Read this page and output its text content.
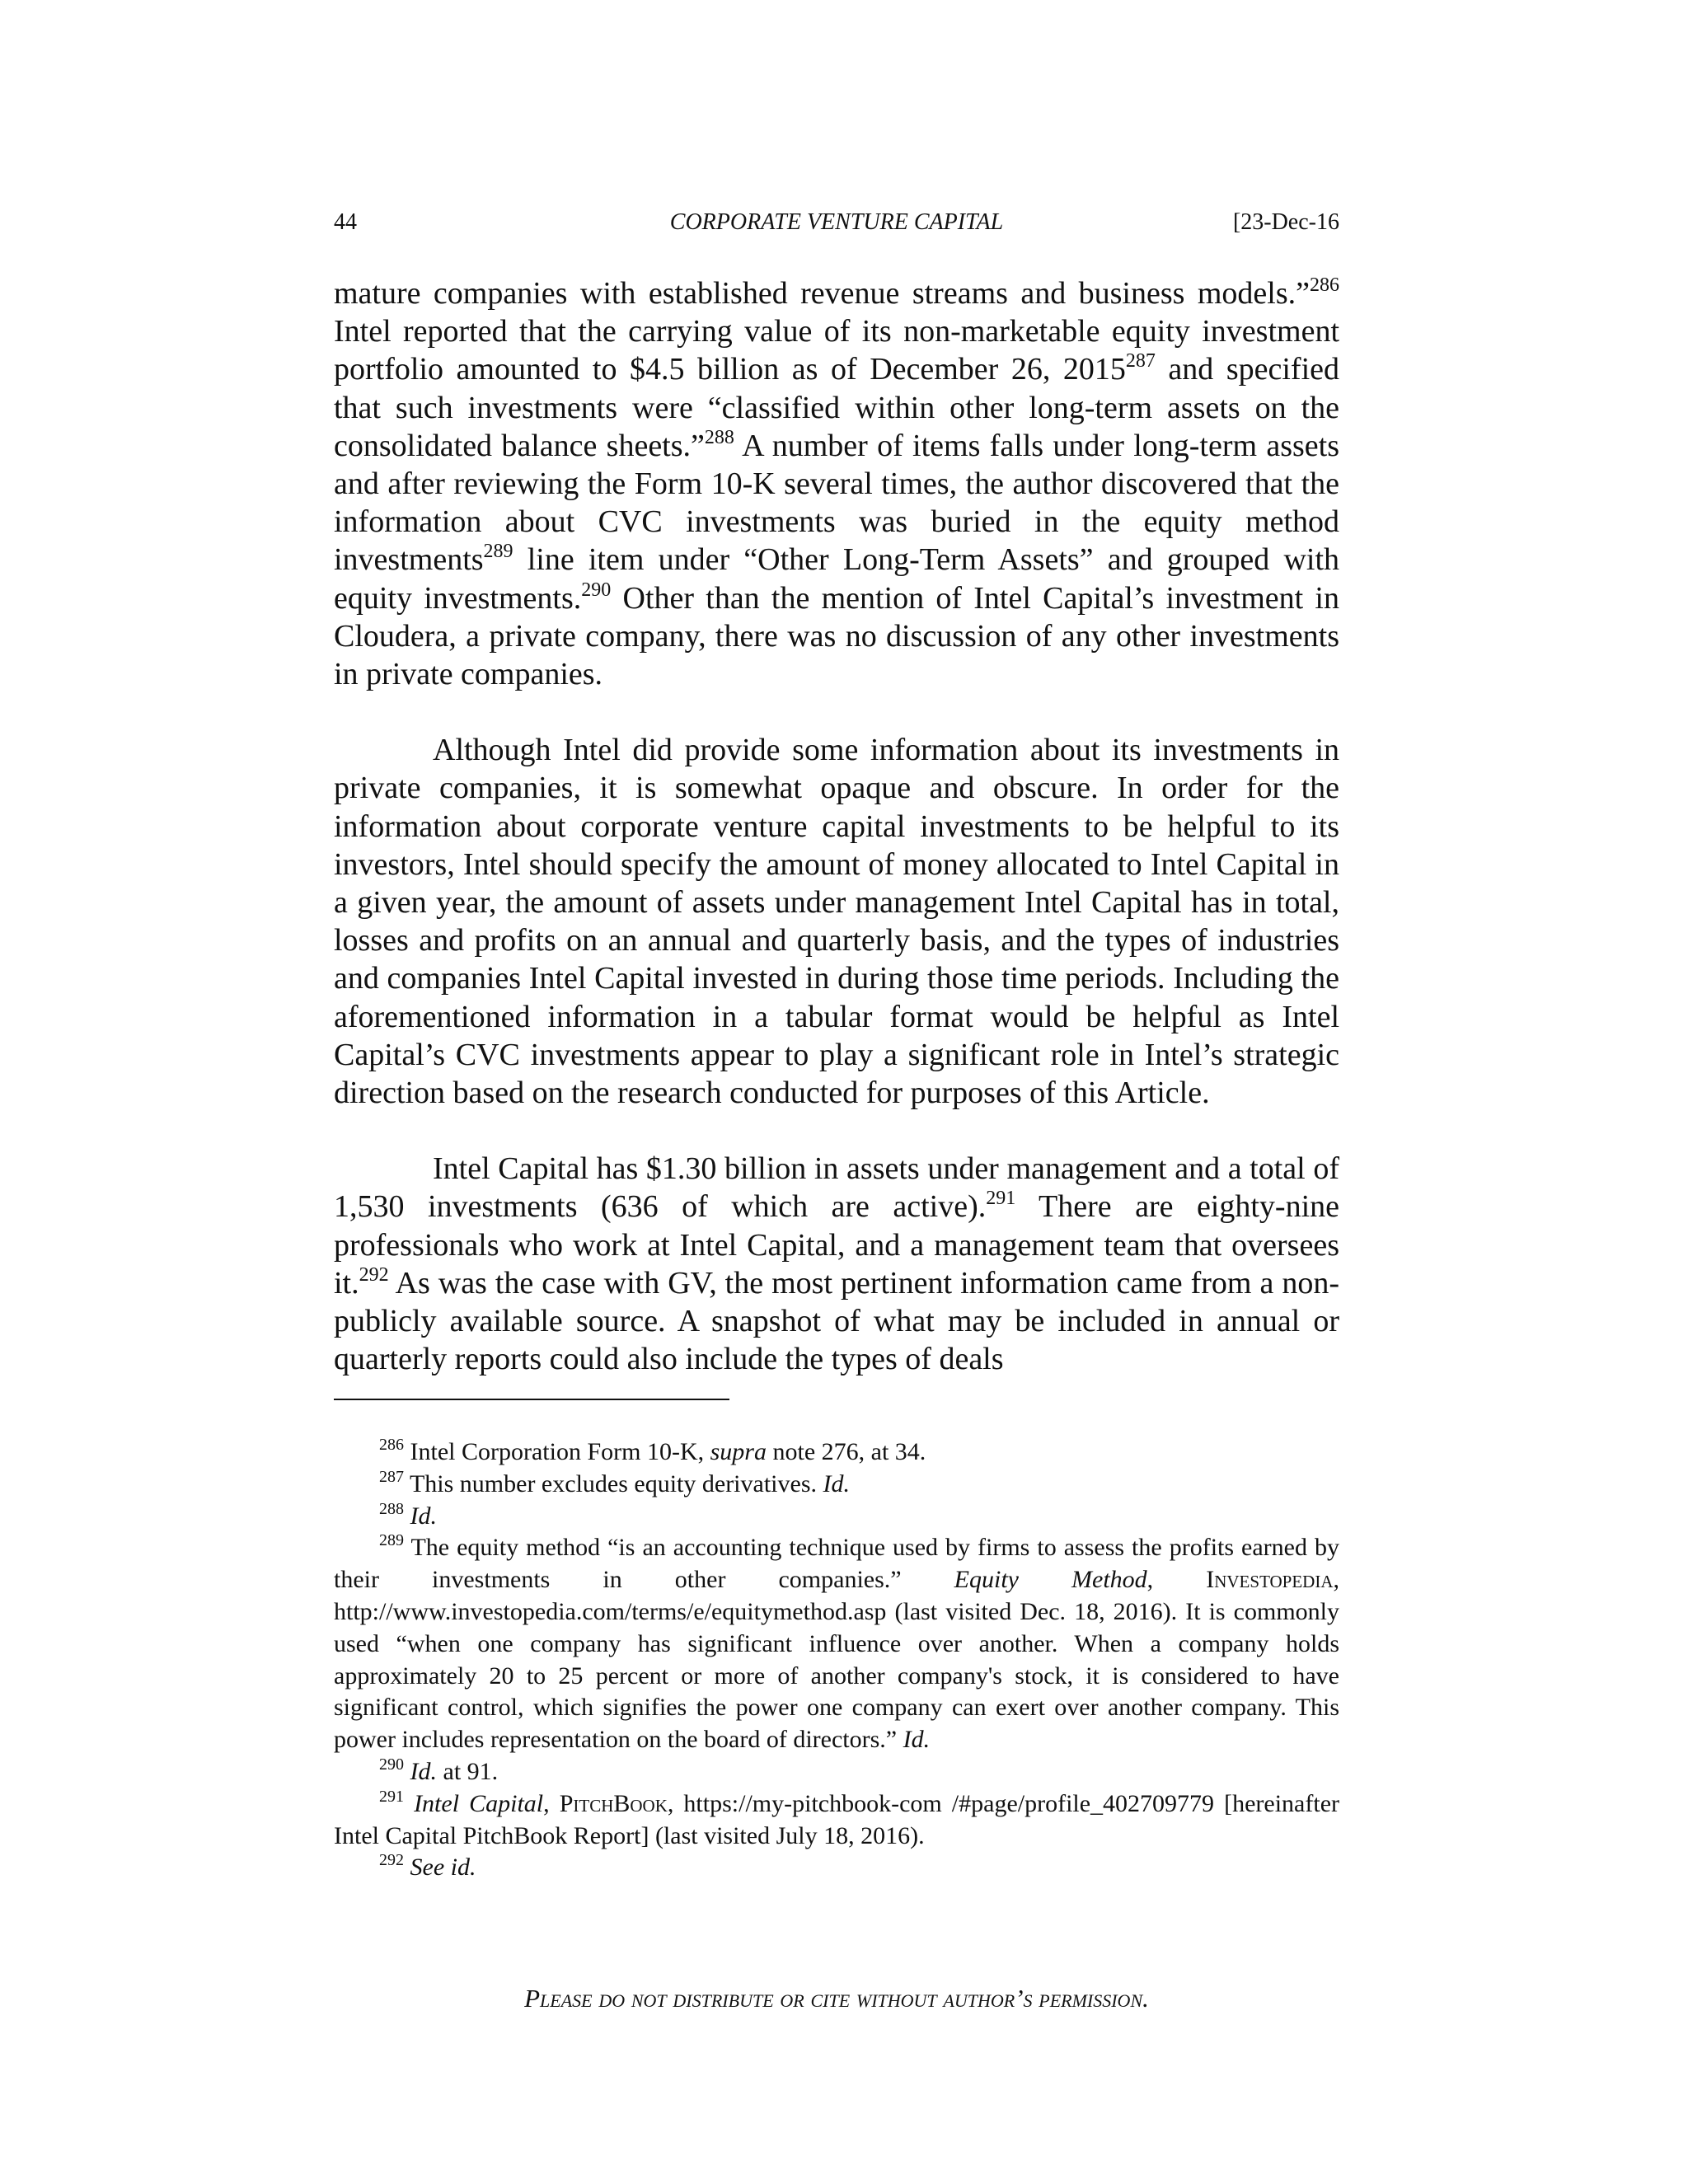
44	CORPORATE VENTURE CAPITAL	[23-Dec-16

mature companies with established revenue streams and business models.”$^{286}$ Intel reported that the carrying value of its non-marketable equity investment portfolio amounted to $4.5 billion as of December 26, 2015$^{287}$ and specified that such investments were “classified within other long-term assets on the consolidated balance sheets.”$^{288}$ A number of items falls under long-term assets and after reviewing the Form 10-K several times, the author discovered that the information about CVC investments was buried in the equity method investments$^{289}$ line item under “Other Long-Term Assets” and grouped with equity investments.$^{290}$ Other than the mention of Intel Capital’s investment in Cloudera, a private company, there was no discussion of any other investments in private companies.

Although Intel did provide some information about its investments in private companies, it is somewhat opaque and obscure. In order for the information about corporate venture capital investments to be helpful to its investors, Intel should specify the amount of money allocated to Intel Capital in a given year, the amount of assets under management Intel Capital has in total, losses and profits on an annual and quarterly basis, and the types of industries and companies Intel Capital invested in during those time periods. Including the aforementioned information in a tabular format would be helpful as Intel Capital’s CVC investments appear to play a significant role in Intel’s strategic direction based on the research conducted for purposes of this Article.

Intel Capital has $1.30 billion in assets under management and a total of 1,530 investments (636 of which are active).$^{291}$ There are eighty-nine professionals who work at Intel Capital, and a management team that oversees it.$^{292}$ As was the case with GV, the most pertinent information came from a non-publicly available source. A snapshot of what may be included in annual or quarterly reports could also include the types of deals

$^{286}$ Intel Corporation Form 10-K, supra note 276, at 34.

$^{287}$ This number excludes equity derivatives. Id.

$^{288}$ Id.

$^{289}$ The equity method “is an accounting technique used by firms to assess the profits earned by their investments in other companies.” Equity Method, Investopedia, http://www.investopedia.com/terms/e/equitymethod.asp (last visited Dec. 18, 2016). It is commonly used “when one company has significant influence over another. When a company holds approximately 20 to 25 percent or more of another company's stock, it is considered to have significant control, which signifies the power one company can exert over another company. This power includes representation on the board of directors.” Id.

$^{290}$ Id. at 91.

$^{291}$ Intel Capital, PitchBook, https://my-pitchbook-com /#page/profile_402709779 [hereinafter Intel Capital PitchBook Report] (last visited July 18, 2016).

$^{292}$ See id.

Please do not distribute or cite without author’s permission.
